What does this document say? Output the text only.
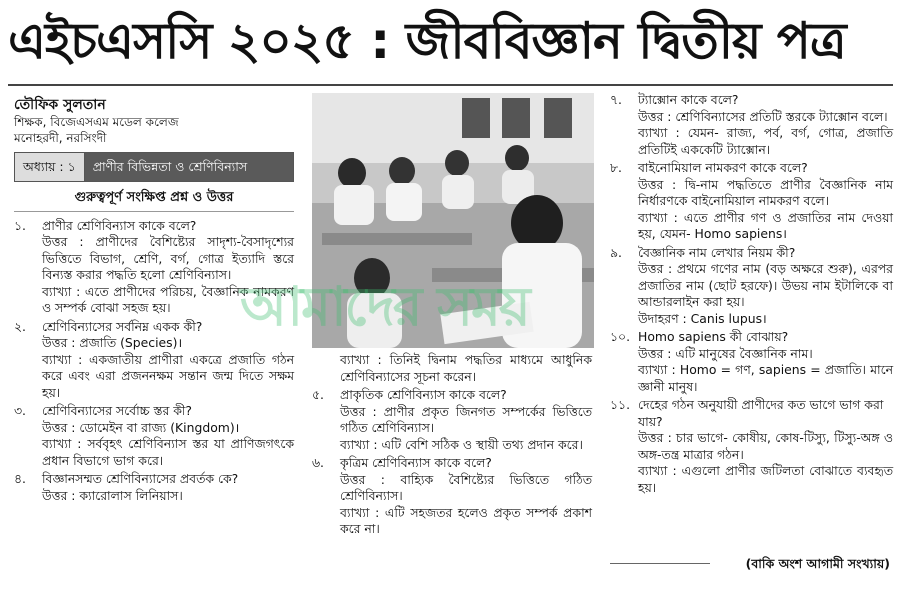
এইচএসসি ২০২৫ : জীববিজ্ঞান দ্বিতীয় পত্র
তৌফিক সুলতান
শিক্ষক, বিজেএসএম মডেল কলেজ
মনোহরদী, নরসিংদী
অধ্যায় : ১	প্রাণীর বিভিন্নতা ও শ্রেণিবিন্যাস
গুরুত্বপূর্ণ সংক্ষিপ্ত প্রশ্ন ও উত্তর
১.	প্রাণীর শ্রেণিবিন্যাস কাকে বলে?
উত্তর : প্রাণীদের বৈশিষ্ট্যের সাদৃশ্য-বৈসাদৃশ্যের ভিত্তিতে বিভাগ, শ্রেণি, বর্গ, গোত্র ইত্যাদি স্তরে বিন্যস্ত করার পদ্ধতি হলো শ্রেণিবিন্যাস।
ব্যাখ্যা : এতে প্রাণীদের পরিচয়, বৈজ্ঞানিক নামকরণ ও সম্পর্ক বোঝা সহজ হয়।
২.	শ্রেণিবিন্যাসের সর্বনিম্ন একক কী?
উত্তর : প্রজাতি (Species)।
ব্যাখ্যা : একজাতীয় প্রাণীরা একত্রে প্রজাতি গঠন করে এবং এরা প্রজননক্ষম সন্তান জন্ম দিতে সক্ষম হয়।
৩.	শ্রেণিবিন্যাসের সর্বোচ্চ স্তর কী?
উত্তর : ডোমেইন বা রাজ্য (Kingdom)।
ব্যাখ্যা : সর্ববৃহৎ শ্রেণিবিন্যাস স্তর যা প্রাণিজগৎকে প্রধান বিভাগে ভাগ করে।
৪.	বিজ্ঞানসম্মত শ্রেণিবিন্যাসের প্রবর্তক কে?
উত্তর : ক্যারোলাস লিনিয়াস।
ব্যাখ্যা : তিনিই দ্বিনাম পদ্ধতির মাধ্যমে আধুনিক শ্রেণিবিন্যাসের সূচনা করেন।
৫.	প্রাকৃতিক শ্রেণিবিন্যাস কাকে বলে?
উত্তর : প্রাণীর প্রকৃত জিনগত সম্পর্কের ভিত্তিতে গঠিত শ্রেণিবিন্যাস।
ব্যাখ্যা : এটি বেশি সঠিক ও স্থায়ী তথ্য প্রদান করে।
৬.	কৃত্রিম শ্রেণিবিন্যাস কাকে বলে?
উত্তর : বাহ্যিক বৈশিষ্ট্যের ভিত্তিতে গঠিত শ্রেণিবিন্যাস।
ব্যাখ্যা : এটি সহজতর হলেও প্রকৃত সম্পর্ক প্রকাশ করে না।
৭.	ট্যাক্সোন কাকে বলে?
উত্তর : শ্রেণিবিন্যাসের প্রতিটি স্তরকে ট্যাক্সোন বলে।
ব্যাখ্যা : যেমন- রাজ্য, পর্ব, বর্গ, গোত্র, প্রজাতি প্রতিটিই এককেটি ট্যাক্সোন।
৮.	বাইনোমিয়াল নামকরণ কাকে বলে?
উত্তর : দ্বি-নাম পদ্ধতিতে প্রাণীর বৈজ্ঞানিক নাম নির্ধারণকে বাইনোমিয়াল নামকরণ বলে।
ব্যাখ্যা : এতে প্রাণীর গণ ও প্রজাতির নাম দেওয়া হয়, যেমন- Homo sapiens।
৯.	বৈজ্ঞানিক নাম লেখার নিয়ম কী?
উত্তর : প্রথমে গণের নাম (বড় অক্ষরে শুরু), এরপর প্রজাতির নাম (ছোট হরফে)। উভয় নাম ইটালিকে বা আন্ডারলাইন করা হয়।
উদাহরণ : Canis lupus।
১০. Homo sapiens কী বোঝায়?
উত্তর : এটি মানুষের বৈজ্ঞানিক নাম।
ব্যাখ্যা : Homo = গণ, sapiens = প্রজাতি। মানে জ্ঞানী মানুষ।
১১. দেহের গঠন অনুযায়ী প্রাণীদের কত ভাগে ভাগ করা যায়?
উত্তর : চার ভাগে- কোষীয়, কোষ-টিস্যু, টিস্যু-অঙ্গ ও অঙ্গ-তন্ত্র মাত্রার গঠন।
ব্যাখ্যা : এগুলো প্রাণীর জটিলতা বোঝাতে ব্যবহৃত হয়।
(বাকি অংশ আগামী সংখ্যায়)
আমাদের সময়
